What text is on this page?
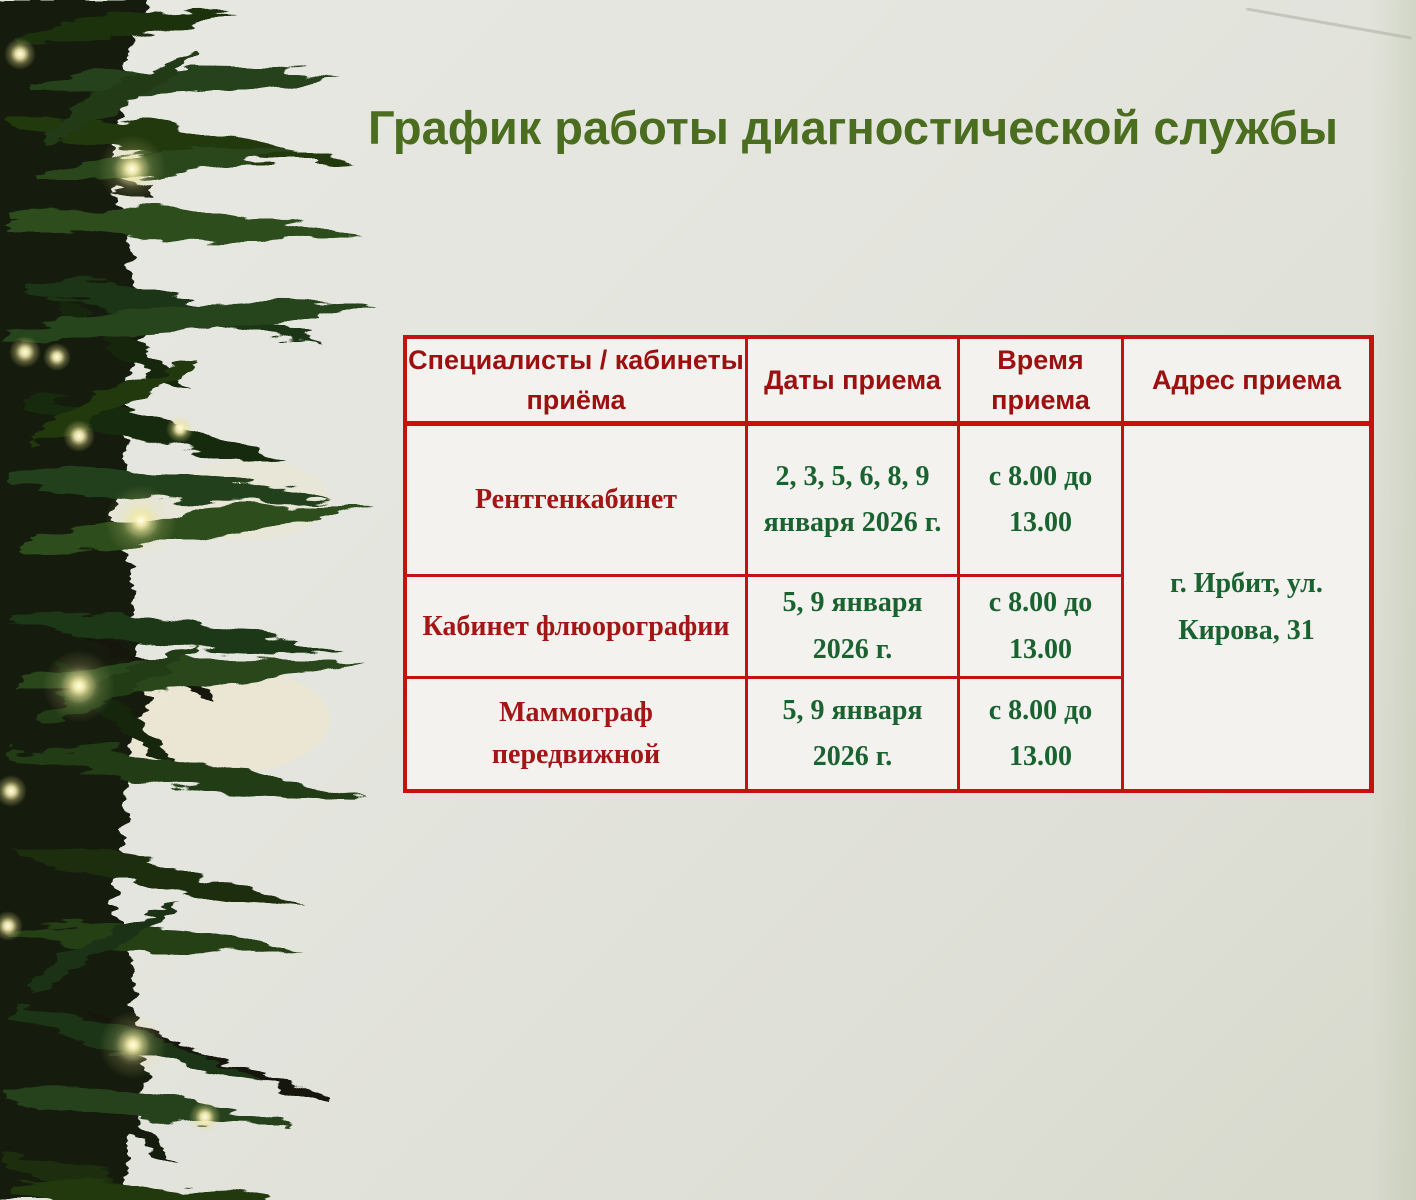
График работы диагностической службы
Специалисты / кабинеты
приёма
Даты приема
Время
приема
Адрес приема
Рентгенкабинет
2, 3, 5, 6, 8, 9
января 2026 г.
с 8.00 до
13.00
г. Ирбит, ул.
Кирова, 31
Кабинет флюорографии
5, 9 января
2026 г.
с 8.00 до
13.00
Маммограф
передвижной
5, 9 января
2026 г.
с 8.00 до
13.00
